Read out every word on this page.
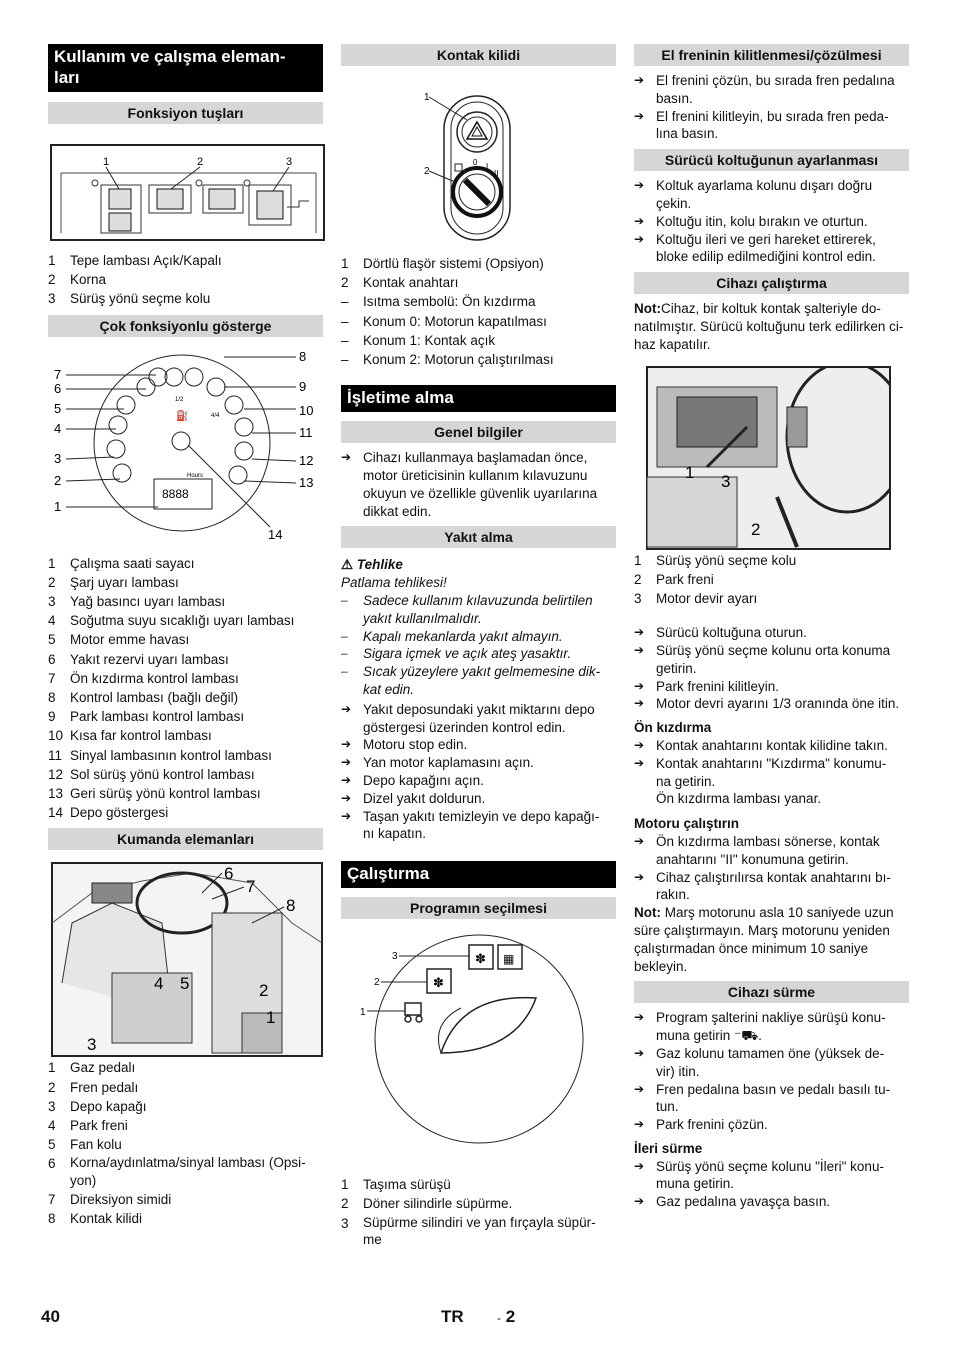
Kullanım ve çalışma eleman-
ları
Fonksiyon tuşları
1	2	3
1	Tepe lambası Açık/Kapalı
2	Korna
3	Sürüş yönü seçme kolu
Çok fonksiyonlu gösterge
1/2
4/4
⛽
Hours
8888
8
7
6	9
5	10
4	11
3	12
2	13
1
14
1	Çalışma saati sayacı
2	Şarj uyarı lambası
3	Yağ basıncı uyarı lambası
4	Soğutma suyu sıcaklığı uyarı lambası
5	Motor emme havası
6	Yakıt rezervi uyarı lambası
7	Ön kızdırma kontrol lambası
8	Kontrol lambası (bağlı değil)
9	Park lambası kontrol lambası
10 Kısa far kontrol lambası
11 Sinyal lambasının kontrol lambası
12 Sol sürüş yönü kontrol lambası
13 Geri sürüş yönü kontrol lambası
14 Depo göstergesi
Kumanda elemanları
6
7
8
4 5	2
1
3
1	Gaz pedalı
2	Fren pedalı
3	Depo kapağı
4	Park freni
5	Fan kolu
6	Korna/aydınlatma/sinyal lambası (Opsi-
yon)
7	Direksiyon simidi
8	Kontak kilidi
Kontak kilidi
0 I
II
1
2
1	Dörtlü flaşör sistemi (Opsiyon)
2	Kontak anahtarı
–	Isıtma sembolü: Ön kızdırma
–	Konum 0: Motorun kapatılması
–	Konum 1: Kontak açık
–	Konum 2: Motorun çalıştırılması
İşletime alma
Genel bilgiler
➔ Cihazı kullanmaya başlamadan önce, motor üreticisinin kullanım kılavuzunu okuyun ve özellikle güvenlik uyarılarına dikkat edin.
Yakıt alma
⚠ Tehlike
Patlama tehlikesi!
–	Sadece kullanım kılavuzunda belirtilen yakıt kullanılmalıdır.
–	Kapalı mekanlarda yakıt almayın.
–	Sigara içmek ve açık ateş yasaktır.
–	Sıcak yüzeylere yakıt gelmemesine dik-
kat edin.
➔ Yakıt deposundaki yakıt miktarını depo göstergesi üzerinden kontrol edin.
➔ Motoru stop edin.
➔ Yan motor kaplamasını açın.
➔ Depo kapağını açın.
➔ Dizel yakıt doldurun.
➔ Taşan yakıtı temizleyin ve depo kapağı-
nı kapatın.
Çalıştırma
Programın seçilmesi
✽ ▦
✽
3
2
1
1	Taşıma sürüşü
2	Döner silindirle süpürme.
3	Süpürme silindiri ve yan fırçayla süpür-
me
El freninin kilitlenmesi/çözülmesi
➔ El frenini çözün, bu sırada fren pedalına basın.
➔ El frenini kilitleyin, bu sırada fren peda-
lına basın.
Sürücü koltuğunun ayarlanması
➔ Koltuk ayarlama kolunu dışarı doğru çekin.
➔ Koltuğu itin, kolu bırakın ve oturtun.
➔ Koltuğu ileri ve geri hareket ettirerek, bloke edilip edilmediğini kontrol edin.
Cihazı çalıştırma
Not:Cihaz, bir koltuk kontak şalteriyle do-
natılmıştır. Sürücü koltuğunu terk edilirken ci-
haz kapatılır.
1 3
2
1	Sürüş yönü seçme kolu
2	Park freni
3	Motor devir ayarı
➔ Sürücü koltuğuna oturun.
➔ Sürüş yönü seçme kolunu orta konuma getirin.
➔ Park frenini kilitleyin.
➔ Motor devri ayarını 1/3 oranında öne itin.
Ön kızdırma
➔ Kontak anahtarını kontak kilidine takın.
➔ Kontak anahtarını "Kızdırma" konumu-
na getirin.
Ön kızdırma lambası yanar.
Motoru çalıştırın
➔ Ön kızdırma lambası sönerse, kontak anahtarını "II" konumuna getirin.
➔ Cihaz çalıştırılırsa kontak anahtarını bı-
rakın.
Not: Marş motorunu asla 10 saniyede uzun süre çalıştırmayın. Marş motorunu yeniden çalıştırmadan önce minimum 10 saniye bekleyin.
Cihazı sürme
➔ Program şalterini nakliye sürüşü konu-
muna getirin ⁻⛟.
➔ Gaz kolunu tamamen öne (yüksek de-
vir) itin.
➔ Fren pedalına basın ve pedalı basılı tu-
tun.
➔ Park frenini çözün.
İleri sürme
➔ Sürüş yönü seçme kolunu "İleri" konu-
muna getirin.
➔ Gaz pedalına yavaşça basın.
40	TR	- 2
